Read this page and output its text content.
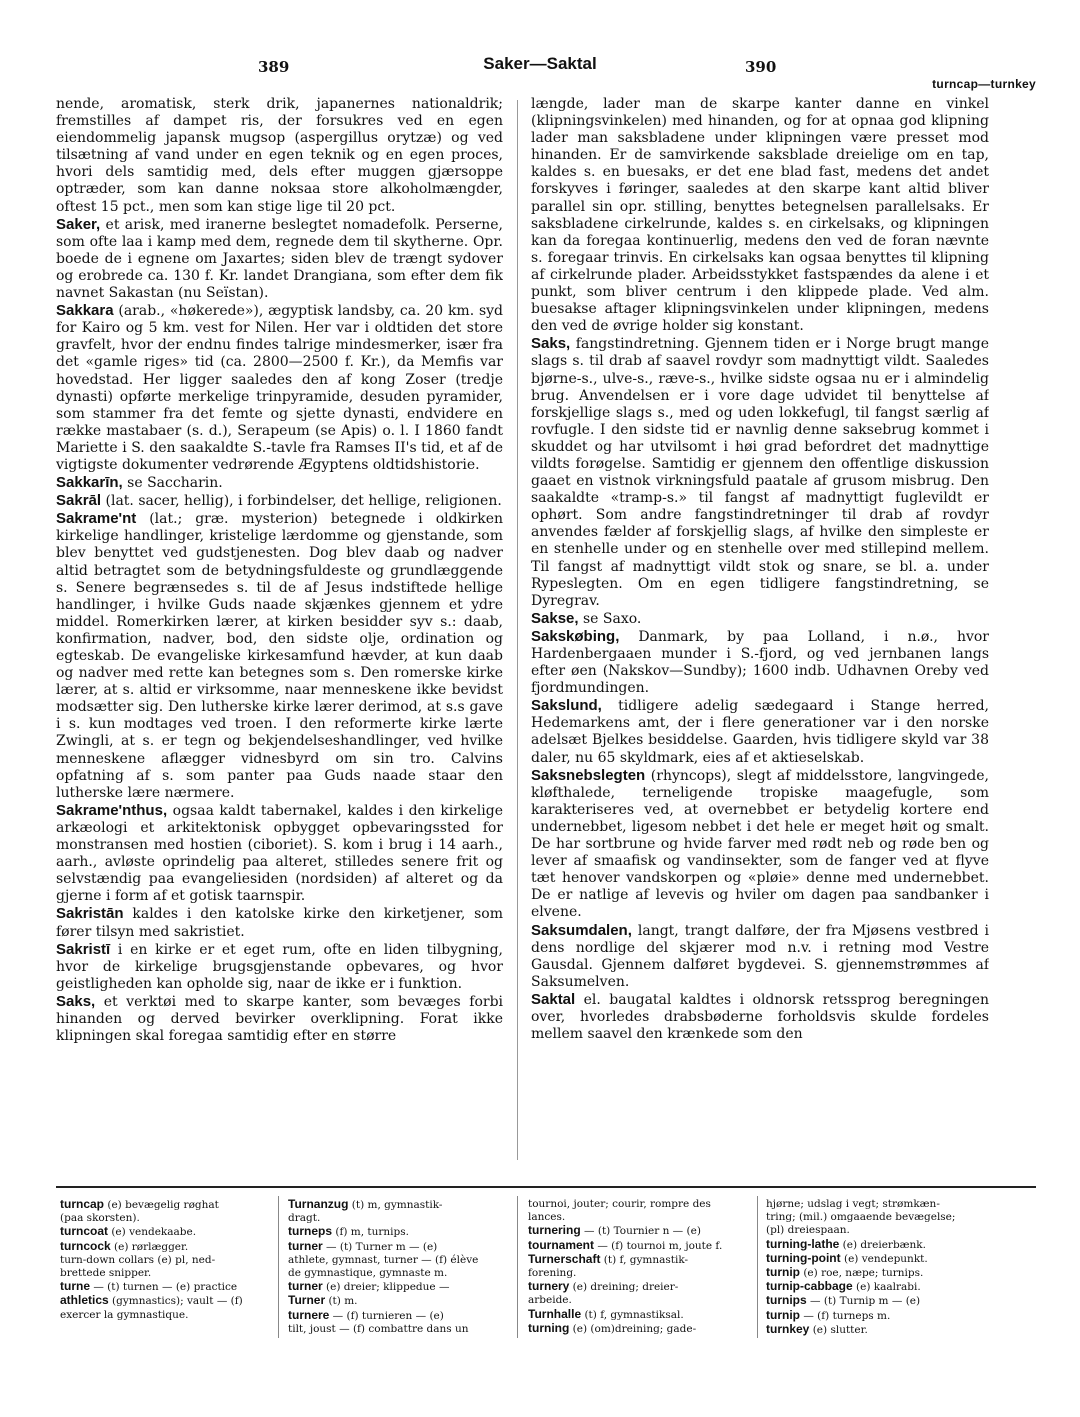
389	Saker—Saktal	390
turncap—turnkey

nende, aromatisk, sterk drik, japanernes nationaldrik; fremstilles af dampet ris, der forsukres ved en egen eiendommelig japansk mugsop (aspergillus orytzæ) og ved tilsætning af vand under en egen teknik og en egen proces, hvori dels samtidig med, dels efter muggen gjærsoppe optræder, som kan danne noksaa store alkoholmængder, oftest 15 pct., men som kan stige lige til 20 pct.

Saker, et arisk, med iranerne beslegtet nomadefolk. Perserne, som ofte laa i kamp med dem, regnede dem til skytherne. Opr. boede de i egnene om Jaxartes; siden blev de trængt sydover og erobrede ca. 130 f. Kr. landet Drangiana, som efter dem fik navnet Sakastan (nu Seïstan).

Sakkara (arab., «høkerede»), ægyptisk landsby, ca. 20 km. syd for Kairo og 5 km. vest for Nilen. Her var i oldtiden det store gravfelt, hvor der endnu findes talrige mindesmerker, især fra det «gamle riges» tid (ca. 2800—2500 f. Kr.), da Memfis var hovedstad. Her ligger saaledes den af kong Zoser (tredje dynasti) opførte merkelige trinpyramide, desuden pyramider, som stammer fra det femte og sjette dynasti, endvidere en række mastabaer (s. d.), Serapeum (se Apis) o. l. I 1860 fandt Mariette i S. den saakaldte S.-tavle fra Ramses II's tid, et af de vigtigste dokumenter vedrørende Ægyptens oldtidshistorie.

Sakkarīn, se Saccharin.

Sakrāl (lat. sacer, hellig), i forbindelser, det hellige, religionen.

Sakrame'nt (lat.; græ. mysterion) betegnede i oldkirken kirkelige handlinger, kristelige lærdomme og gjenstande, som blev benyttet ved gudstjenesten. Dog blev daab og nadver altid betragtet som de betydningsfuldeste og grundlæggende s. Senere begrænsedes s. til de af Jesus indstiftede hellige handlinger, i hvilke Guds naade skjænkes gjennem et ydre middel. Romerkirken lærer, at kirken besidder syv s.: daab, konfirmation, nadver, bod, den sidste olje, ordination og egteskab. De evangeliske kirkesamfund hævder, at kun daab og nadver med rette kan betegnes som s. Den romerske kirke lærer, at s. altid er virksomme, naar menneskene ikke bevidst modsætter sig. Den lutherske kirke lærer derimod, at s.s gave i s. kun modtages ved troen. I den reformerte kirke lærte Zwingli, at s. er tegn og bekjendelseshandlinger, ved hvilke menneskene aflægger vidnesbyrd om sin tro. Calvins opfatning af s. som panter paa Guds naade staar den lutherske lære nærmere.

Sakrame'nthus, ogsaa kaldt tabernakel, kaldes i den kirkelige arkæologi et arkitektonisk opbygget opbevaringssted for monstransen med hostien (ciboriet). S. kom i brug i 14 aarh., aarh., avløste oprindelig paa alteret, stilledes senere frit og selvstændig paa evangeliesiden (nordsiden) af alteret og da gjerne i form af et gotisk taarnspir.

Sakristān kaldes i den katolske kirke den kirketjener, som fører tilsyn med sakristiet.

Sakristī i en kirke er et eget rum, ofte en liden tilbygning, hvor de kirkelige brugsgjenstande opbevares, og hvor geistligheden kan opholde sig, naar de ikke er i funktion.

Saks, et verktøi med to skarpe kanter, som bevæges forbi hinanden og derved bevirker overklipning. Forat ikke klipningen skal foregaa samtidig efter en større

længde, lader man de skarpe kanter danne en vinkel (klipningsvinkelen) med hinanden, og for at opnaa god klipning lader man saksbladene under klipningen være presset mod hinanden. Er de samvirkende saksblade dreielige om en tap, kaldes s. en buesaks, er det ene blad fast, medens det andet forskyves i føringer, saaledes at den skarpe kant altid bliver parallel sin opr. stilling, benyttes betegnelsen parallelsaks. Er saksbladene cirkelrunde, kaldes s. en cirkelsaks, og klipningen kan da foregaa kontinuerlig, medens den ved de foran nævnte s. foregaar trinvis. En cirkelsaks kan ogsaa benyttes til klipning af cirkelrunde plader. Arbeidsstykket fastspændes da alene i et punkt, som bliver centrum i den klippede plade. Ved alm. buesakse aftager klipningsvinkelen under klipningen, medens den ved de øvrige holder sig konstant.

Saks, fangstindretning. Gjennem tiden er i Norge brugt mange slags s. til drab af saavel rovdyr som madnyttigt vildt. Saaledes bjørne-s., ulve-s., ræve-s., hvilke sidste ogsaa nu er i almindelig brug. Anvendelsen er i vore dage udvidet til benyttelse af forskjellige slags s., med og uden lokkefugl, til fangst særlig af rovfugle. I den sidste tid er navnlig denne saksebrug kommet i skuddet og har utvilsomt i høi grad befordret det madnyttige vildts forøgelse. Samtidig er gjennem den offentlige diskussion gaaet en vistnok virkningsfuld paatale af grusom misbrug. Den saakaldte «tramp-s.» til fangst af madnyttigt fuglevildt er ophørt. Som andre fangstindretninger til drab af rovdyr anvendes fælder af forskjellig slags, af hvilke den simpleste er en stenhelle under og en stenhelle over med stillepind mellem. Til fangst af madnyttigt vildt stok og snare, se bl. a. under Rypeslegten. Om en egen tidligere fangstindretning, se Dyregrav.

Sakse, se Saxo.

Sakskøbing, Danmark, by paa Lolland, i n.ø., hvor Hardenbergaaen munder i S.-fjord, og ved jernbanen langs efter øen (Nakskov—Sundby); 1600 indb. Udhavnen Oreby ved fjordmundingen.

Sakslund, tidligere adelig sædegaard i Stange herred, Hedemarkens amt, der i flere generationer var i den norske adelsæt Bjelkes besiddelse. Gaarden, hvis tidligere skyld var 38 daler, nu 65 skyldmark, eies af et aktieselskab.

Saksnebslegten (rhyncops), slegt af middelsstore, langvingede, kløfthalede, terneligende tropiske maagefugle, som karakteriseres ved, at overnebbet er betydelig kortere end undernebbet, ligesom nebbet i det hele er meget høit og smalt. De har sortbrune og hvide farver med rødt neb og røde ben og lever af smaafisk og vandinsekter, som de fanger ved at flyve tæt henover vandskorpen og «pløie» denne med undernebbet. De er natlige af levevis og hviler om dagen paa sandbanker i elvene.

Saksumdalen, langt, trangt dalføre, der fra Mjøsens vestbred i dens nordlige del skjærer mod n.v. i retning mod Vestre Gausdal. Gjennem dalføret bygdevei. S. gjennemstrømmes af Saksumelven.

Saktal el. baugatal kaldtes i oldnorsk retssprog beregningen over, hvorledes drabsbøderne forholdsvis skulde fordeles mellem saavel den krænkede som den

turncap (e) bevægelig røghat
(paa skorsten).
turncoat (e) vendekaabe.
turncock (e) rørlægger.
turn-down collars (e) pl, ned-
brettede snipper.
turne — (t) turnen — (e) practice
athletics (gymnastics); vault — (f)
exercer la gymnastique.
Turnanzug (t) m, gymnastik-
dragt.
turneps (f) m, turnips.
turner — (t) Turner m — (e)
athlete, gymnast, turner — (f) élève
de gymnastique, gymnaste m.
turner (e) dreier; klippedue —
Turner (t) m.
turnere — (f) turnieren — (e)
tilt, joust — (f) combattre dans un
tournoi, jouter; courir, rompre des
lances.
turnering — (t) Tournier n — (e)
tournament — (f) tournoi m, joute f.
Turnerschaft (t) f, gymnastik-
forening.
turnery (e) dreining; dreier-
arbeide.
Turnhalle (t) f, gymnastiksal.
turning (e) (om)dreining; gade-
hjørne; udslag i vegt; strømkæn-
tring; (mil.) omgaaende bevægelse;
(pl) dreiespaan.
turning-lathe (e) dreierbænk.
turning-point (e) vendepunkt.
turnip (e) roe, næpe; turnips.
turnip-cabbage (e) kaalrabi.
turnips — (t) Turnip m — (e)
turnip — (f) turneps m.
turnkey (e) slutter.
